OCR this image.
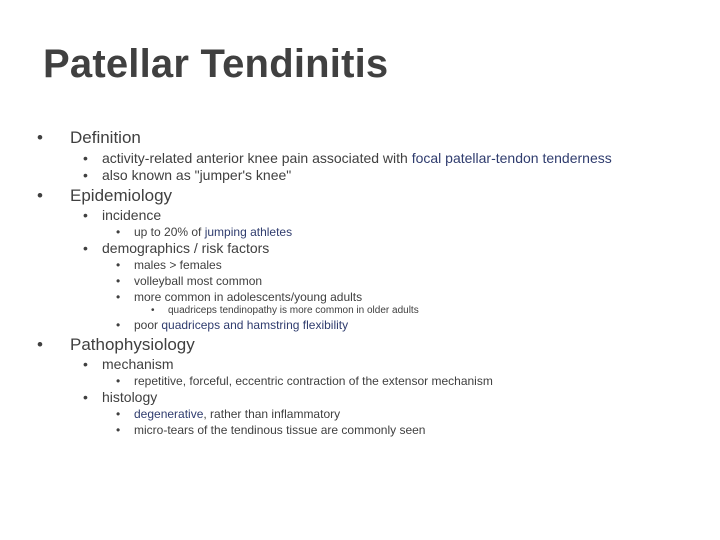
Patellar Tendinitis
• Definition
• activity-related anterior knee pain associated with focal patellar-tendon tenderness
• also known as "jumper's knee"
• Epidemiology
• incidence
• up to 20% of jumping athletes
• demographics / risk factors
• males > females
• volleyball most common
• more common in adolescents/young adults
• quadriceps tendinopathy is more common in older adults
• poor quadriceps and hamstring flexibility
• Pathophysiology
• mechanism
• repetitive, forceful, eccentric contraction of the extensor mechanism
• histology
• degenerative, rather than inflammatory
• micro-tears of the tendinous tissue are commonly seen
